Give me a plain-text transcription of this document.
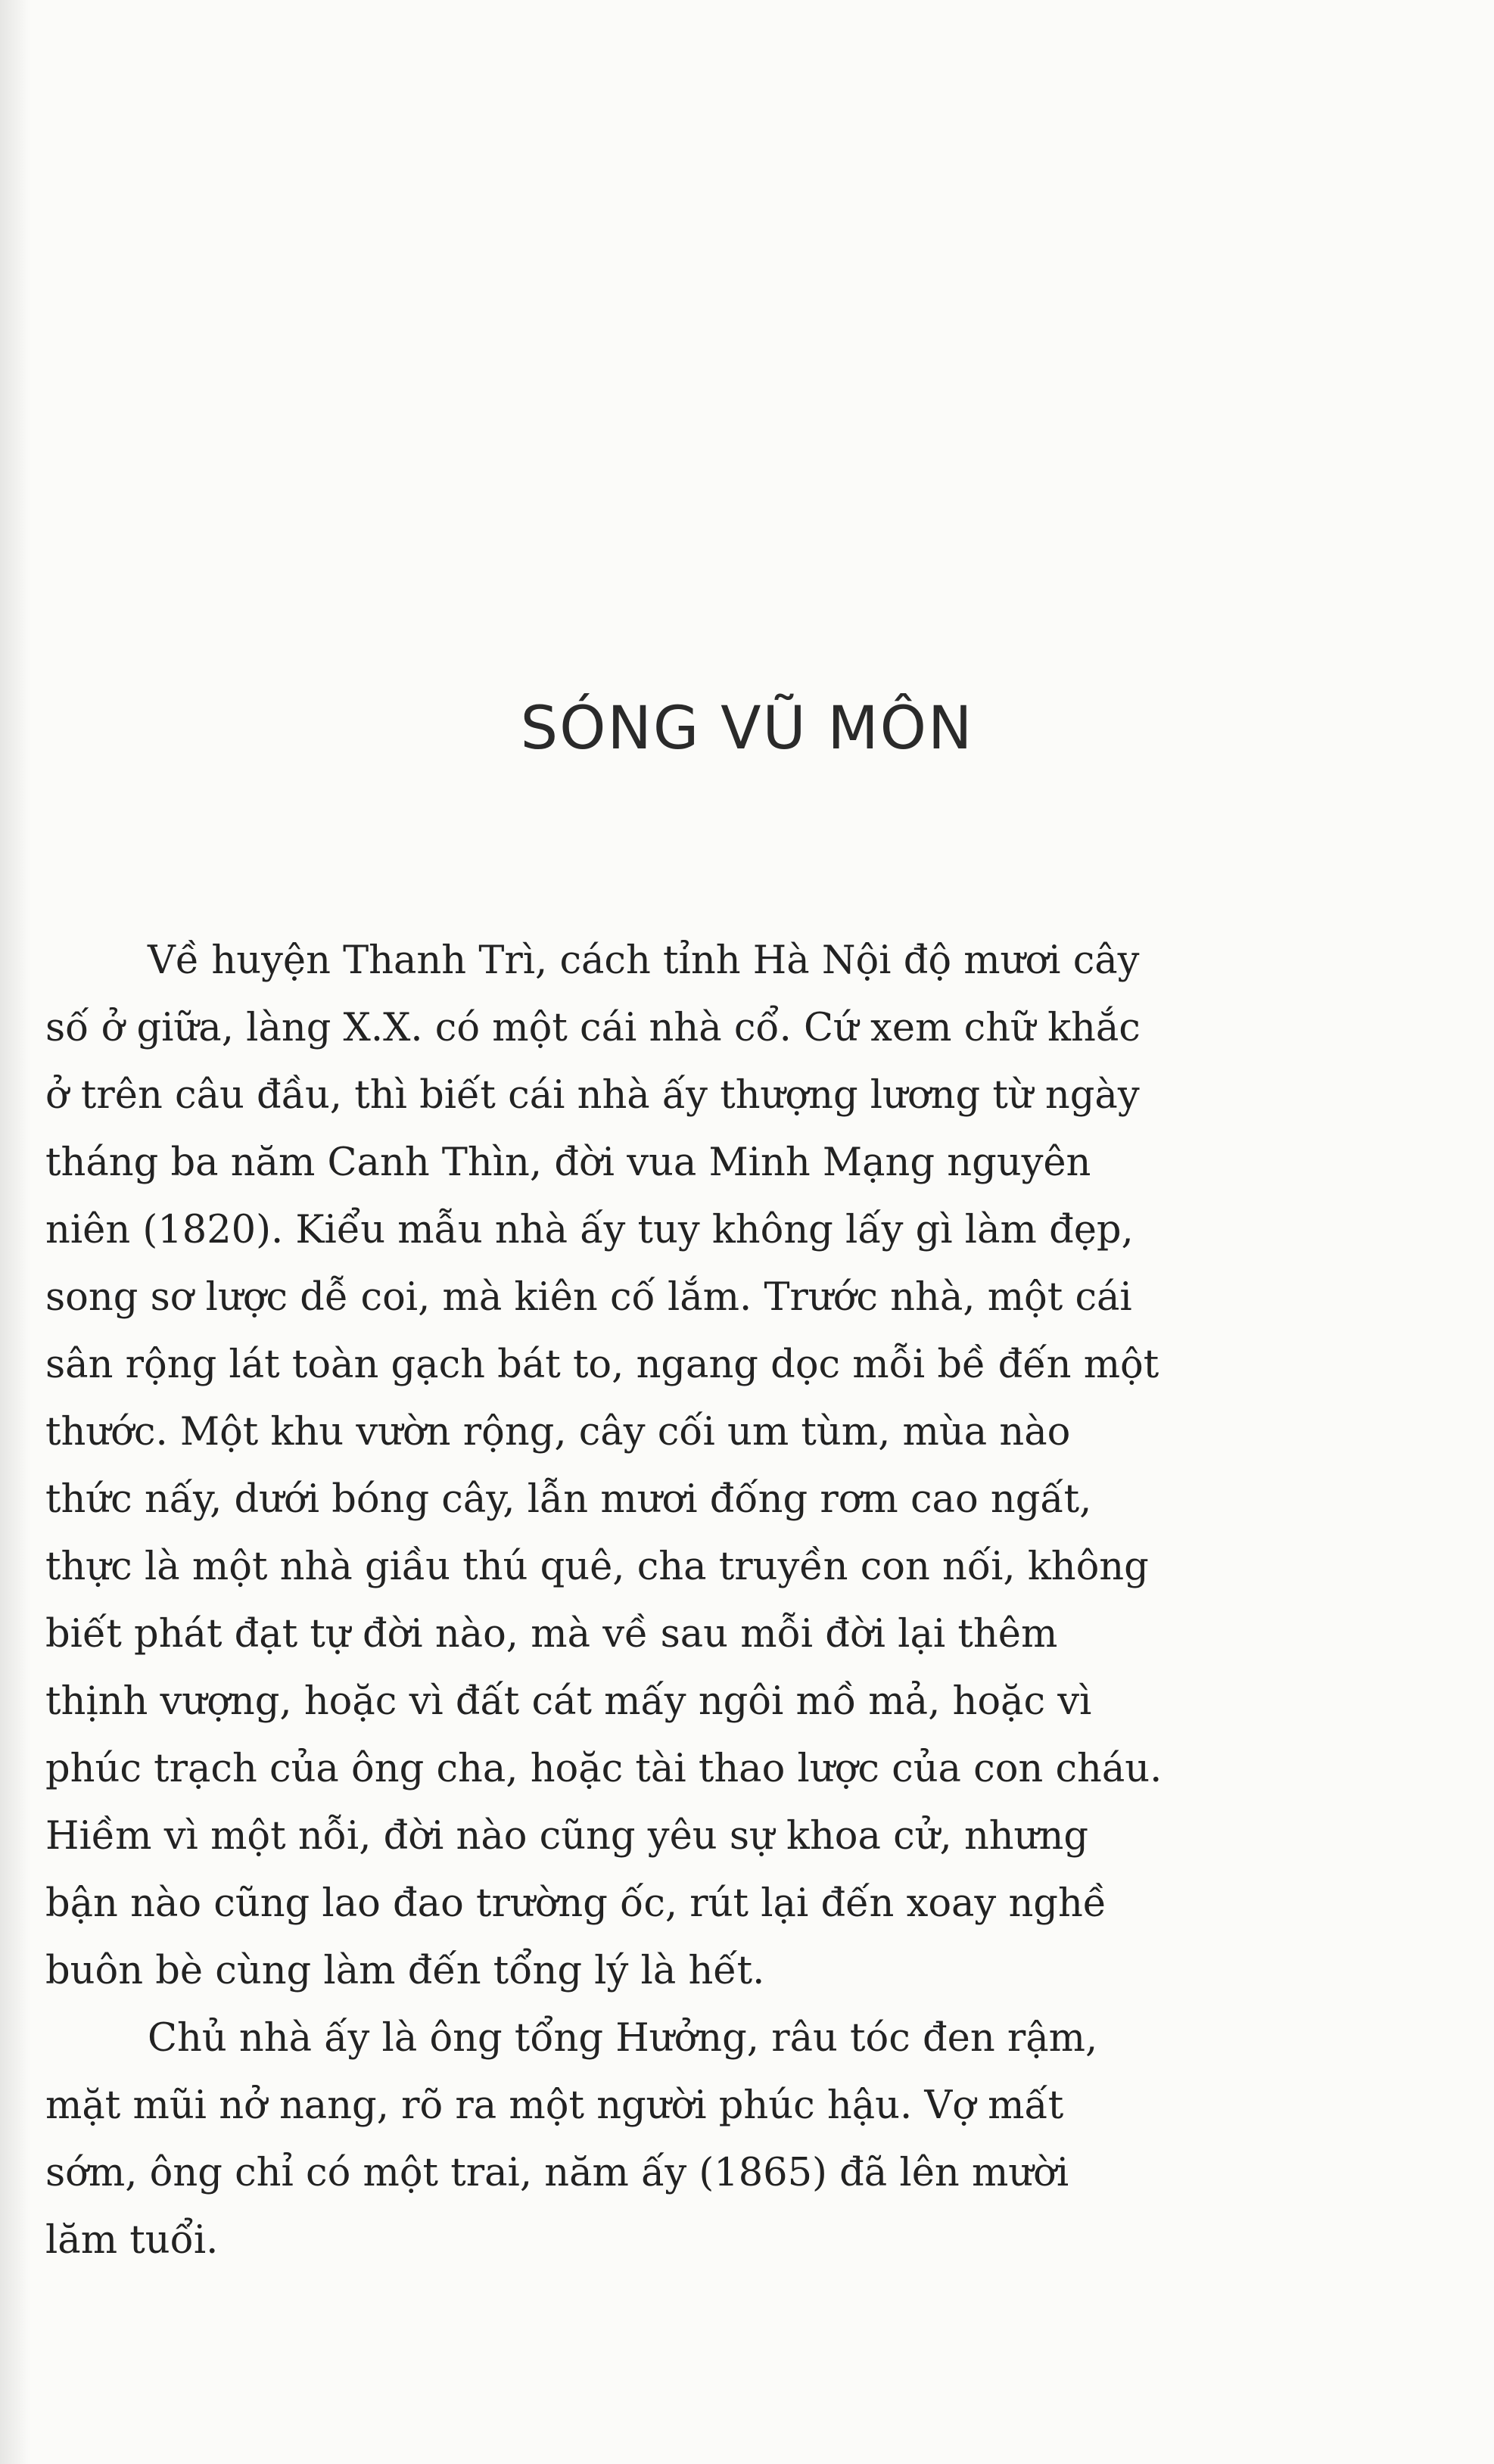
SÓNG VŨ MÔN

Về huyện Thanh Trì, cách tỉnh Hà Nội độ mươi cây
số ở giữa, làng X.X. có một cái nhà cổ. Cứ xem chữ khắc
ở trên câu đầu, thì biết cái nhà ấy thượng lương từ ngày
tháng ba năm Canh Thìn, đời vua Minh Mạng nguyên
niên (1820). Kiểu mẫu nhà ấy tuy không lấy gì làm đẹp,
song sơ lược dễ coi, mà kiên cố lắm. Trước nhà, một cái
sân rộng lát toàn gạch bát to, ngang dọc mỗi bề đến một
thước. Một khu vườn rộng, cây cối um tùm, mùa nào
thức nấy, dưới bóng cây, lẫn mươi đống rơm cao ngất,
thực là một nhà giầu thú quê, cha truyền con nối, không
biết phát đạt tự đời nào, mà về sau mỗi đời lại thêm
thịnh vượng, hoặc vì đất cát mấy ngôi mồ mả, hoặc vì
phúc trạch của ông cha, hoặc tài thao lược của con cháu.
Hiềm vì một nỗi, đời nào cũng yêu sự khoa cử, nhưng
bận nào cũng lao đao trường ốc, rút lại đến xoay nghề
buôn bè cùng làm đến tổng lý là hết.

Chủ nhà ấy là ông tổng Hưởng, râu tóc đen rậm,
mặt mũi nở nang, rõ ra một người phúc hậu. Vợ mất
sớm, ông chỉ có một trai, năm ấy (1865) đã lên mười
lăm tuổi.
